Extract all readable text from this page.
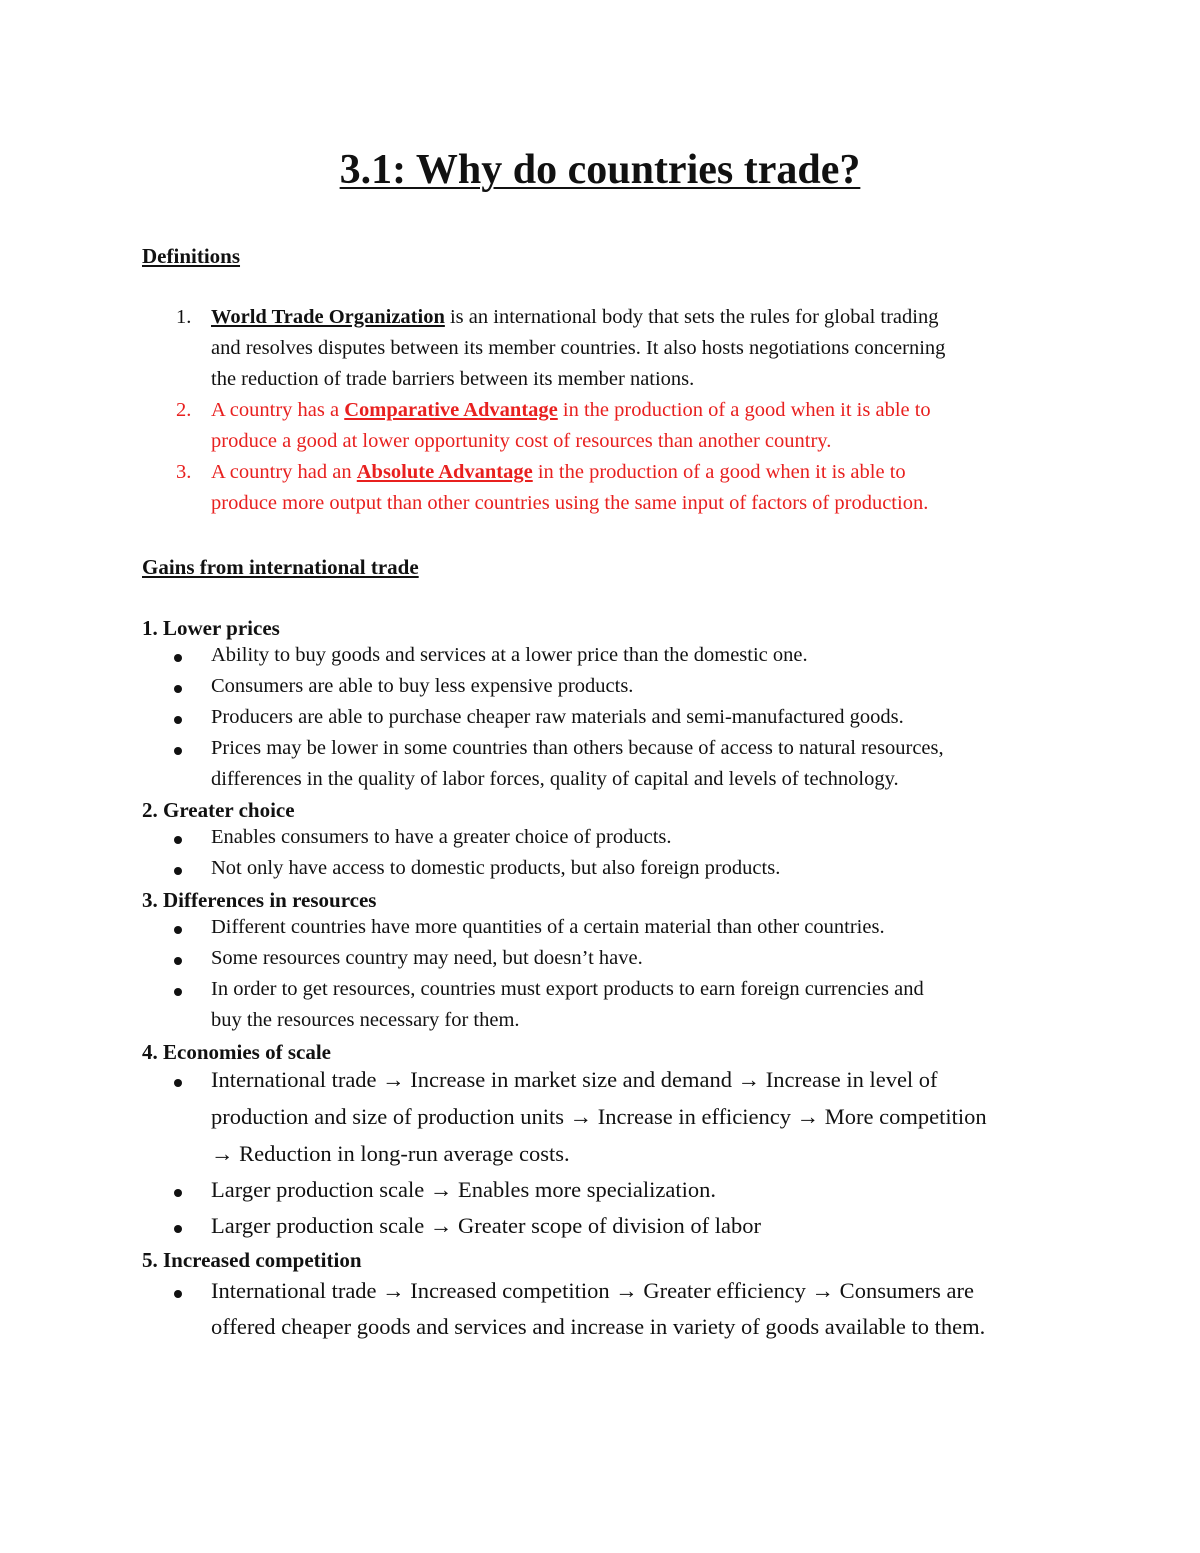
3.1: Why do countries trade?

Definitions

1. World Trade Organization is an international body that sets the rules for global trading

and resolves disputes between its member countries. It also hosts negotiations concerning

the reduction of trade barriers between its member nations.

2. A country has a Comparative Advantage in the production of a good when it is able to

produce a good at lower opportunity cost of resources than another country.

3. A country had an Absolute Advantage in the production of a good when it is able to

produce more output than other countries using the same input of factors of production.

Gains from international trade

1. Lower prices

Ability to buy goods and services at a lower price than the domestic one.

Consumers are able to buy less expensive products.

Producers are able to purchase cheaper raw materials and semi-manufactured goods.

Prices may be lower in some countries than others because of access to natural resources,

differences in the quality of labor forces, quality of capital and levels of technology.

2. Greater choice

Enables consumers to have a greater choice of products.

Not only have access to domestic products, but also foreign products.

3. Differences in resources

Different countries have more quantities of a certain material than other countries.

Some resources country may need, but doesn’t have.

In order to get resources, countries must export products to earn foreign currencies and

buy the resources necessary for them.

4. Economies of scale

International trade → Increase in market size and demand → Increase in level of

production and size of production units → Increase in efficiency → More competition

→ Reduction in long-run average costs.

Larger production scale → Enables more specialization.

Larger production scale → Greater scope of division of labor

5. Increased competition

International trade → Increased competition → Greater efficiency → Consumers are

offered cheaper goods and services and increase in variety of goods available to them.
